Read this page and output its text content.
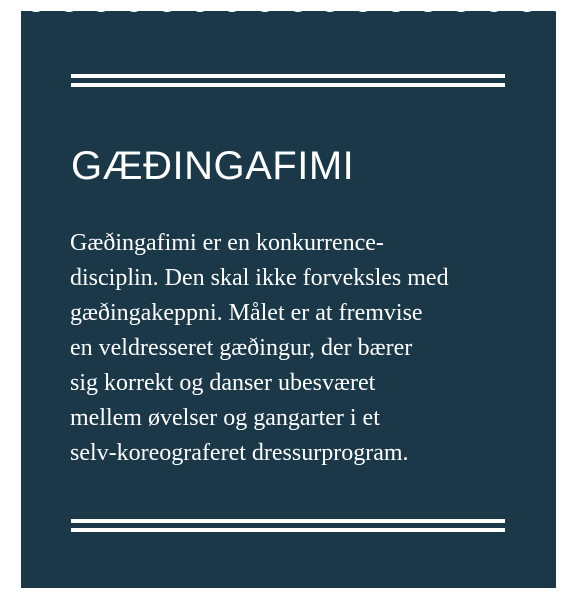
GÆÐINGAFIMI

Gæðingafimi er en konkurrence-
disciplin. Den skal ikke forveksles med
gæðingakeppni. Målet er at fremvise
en veldresseret gæðingur, der bærer
sig korrekt og danser ubesværet
mellem øvelser og gangarter i et
selv-koreograferet dressurprogram.
